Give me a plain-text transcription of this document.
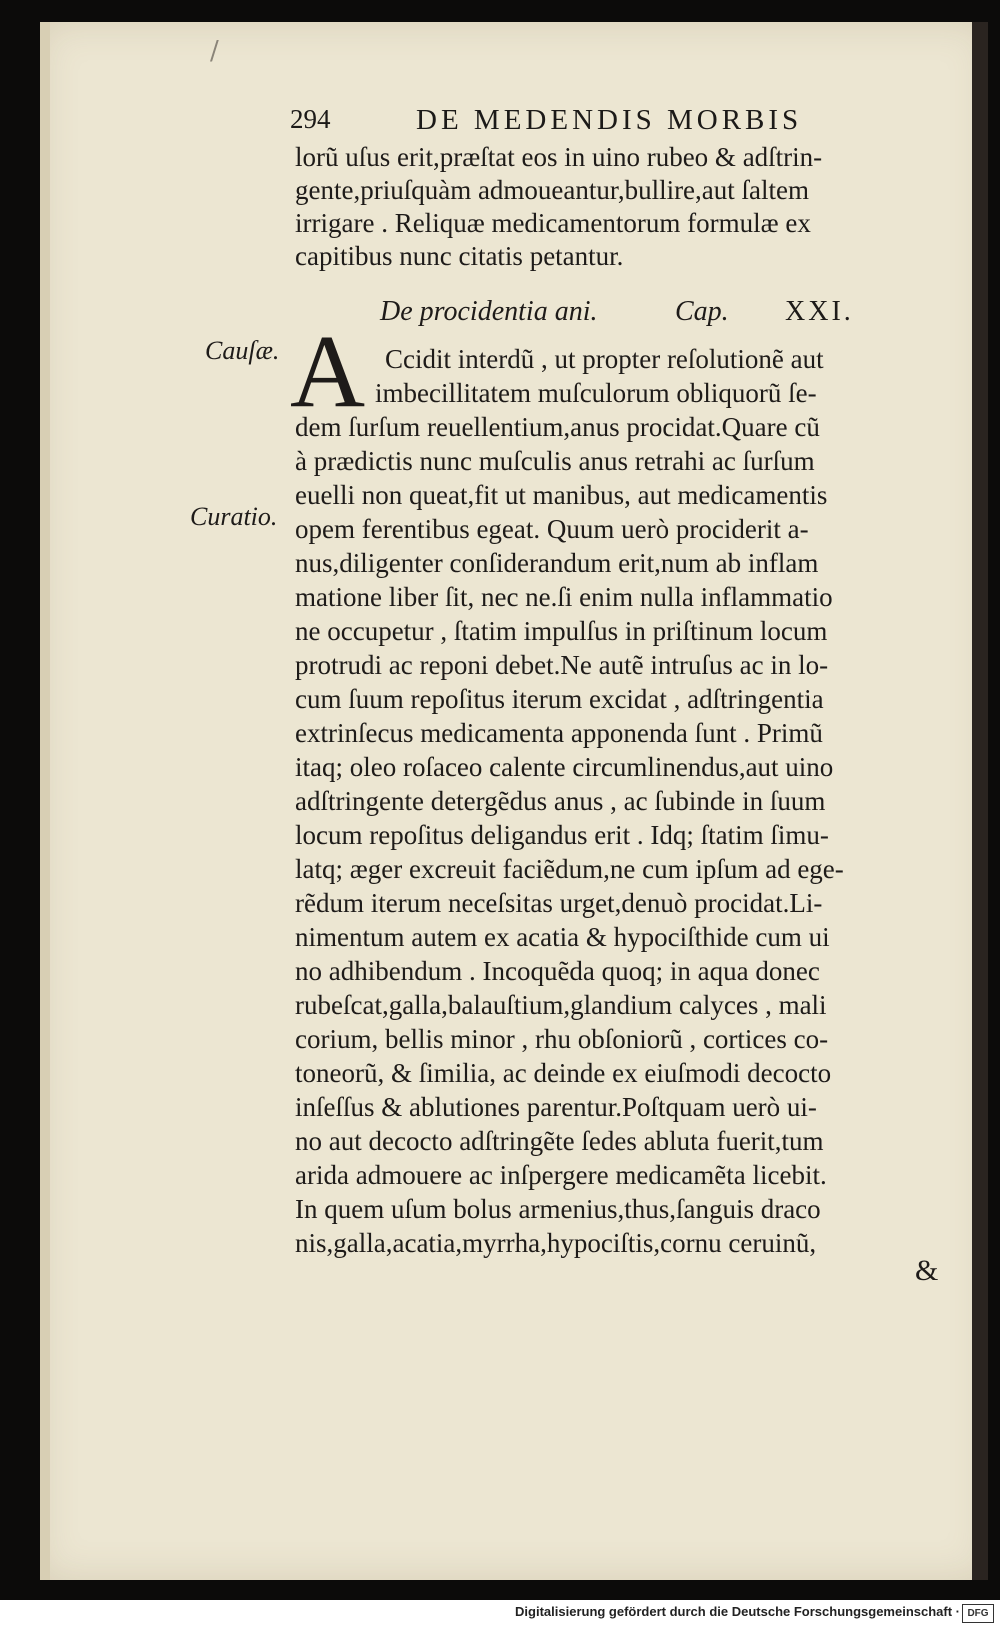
/
294	DE MEDENDIS MORBIS
lorũ uſus erit,præſtat eos in uino rubeo & adſtrin-
gente,priuſquàm admoueantur,bullire,aut ſaltem
irrigare . Reliquæ medicamentorum formulæ ex
capitibus nunc citatis petantur.
De procidentia ani.	Cap. XXI.
Cauſæ.
Curatio.
A Ccidit interdũ , ut propter reſolutionẽ aut
imbecillitatem muſculorum obliquorũ ſe-
dem ſurſum reuellentium,anus procidat.Quare cũ
à prædictis nunc muſculis anus retrahi ac ſurſum
euelli non queat,fit ut manibus, aut medicamentis
opem ferentibus egeat. Quum uerò prociderit a-
nus,diligenter conſiderandum erit,num ab inflam
matione liber ſit, nec ne.ſi enim nulla inflammatio
ne occupetur , ſtatim impulſus in priſtinum locum
protrudi ac reponi debet.Ne autẽ intruſus ac in lo-
cum ſuum repoſitus iterum excidat , adſtringentia
extrinſecus medicamenta apponenda ſunt . Primũ
itaq; oleo roſaceo calente circumlinendus,aut uino
adſtringente detergẽdus anus , ac ſubinde in ſuum
locum repoſitus deligandus erit . Idq; ſtatim ſimu-
latq; æger excreuit faciẽdum,ne cum ipſum ad ege-
rẽdum iterum neceſsitas urget,denuò procidat.Li-
nimentum autem ex acatia & hypociſthide cum ui
no adhibendum . Incoquẽda quoq; in aqua donec
rubeſcat,galla,balauſtium,glandium calyces , mali
corium, bellis minor , rhu obſoniorũ , cortices co-
toneorũ, & ſimilia, ac deinde ex eiuſmodi decocto
inſeſſus & ablutiones parentur.Poſtquam uerò ui-
no aut decocto adſtringẽte ſedes abluta fuerit,tum
arida admouere ac inſpergere medicamẽta licebit.
In quem uſum bolus armenius,thus,ſanguis draco
nis,galla,acatia,myrrha,hypociſtis,cornu ceruinũ,
&
Digitalisierung gefördert durch die Deutsche Forschungsgemeinschaft · DFG
